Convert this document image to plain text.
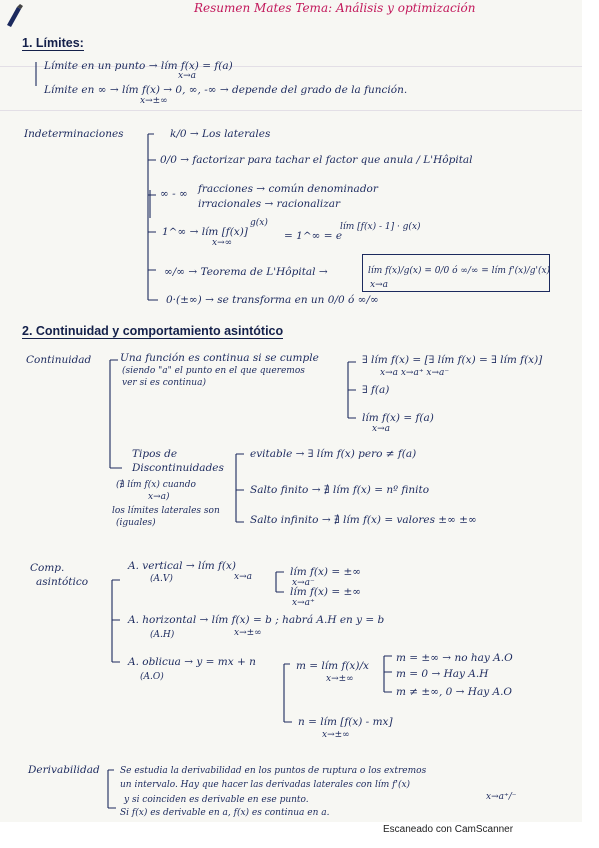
Resumen Mates Tema: Análisis y optimización
1. Límites:
Límite en un punto → lím f(x) = f(a)
x→a
Límite en ∞ → lím f(x) → 0, ∞, -∞ → depende del grado de la función.
x→±∞
Indeterminaciones	k/0 → Los laterales
0/0 → factorizar para tachar el factor que anula / L'Hôpital
∞ - ∞ fracciones → común denominador
irracionales → racionalizar
1^∞ → lím [f(x)]
g(x)
x→∞
= 1^∞ = e
lím [f(x) - 1] · g(x)
∞/∞ → Teorema de L'Hôpital →	lím f(x)/g(x) = 0/0 ó ∞/∞ = lím f'(x)/g'(x)
x→a
0·(±∞) → se transforma en un 0/0 ó ∞/∞
2. Continuidad y comportamiento asintótico
Continuidad	Una función es continua si se cumple
(siendo "a" el punto en el que queremos
ver si es continua)
∃ lím f(x) = [∃ lím f(x) = ∃ lím f(x)]
x→a x→a⁺ x→a⁻
∃ f(a)
lím f(x) = f(a)
x→a
Tipos de
Discontinuidades
(∄ lím f(x) cuando
x→a)
los límites laterales son
(iguales)
evitable → ∃ lím f(x) pero ≠ f(a)
Salto finito → ∄ lím f(x) = nº finito
Salto infinito → ∄ lím f(x) = valores ±∞ ±∞
Comp.
asintótico
A. vertical → lím f(x)
(A.V)	x→a	lím f(x) = ±∞
x→a⁻
lím f(x) = ±∞
x→a⁺
A. horizontal → lím f(x) = b ; habrá A.H en y = b
(A.H)	x→±∞
A. oblicua → y = mx + n
(A.O)
m = lím f(x)/x
x→±∞
m = ±∞ → no hay A.O
m = 0 → Hay A.H
m ≠ ±∞, 0 → Hay A.O
n = lím [f(x) - mx]
x→±∞
Derivabilidad Se estudia la derivabilidad en los puntos de ruptura o los extremos
un intervalo. Hay que hacer las derivadas laterales con lím f'(x)
x→a⁺/⁻
y si coinciden es derivable en ese punto.
Si f(x) es derivable en a, f(x) es continua en a.
Escaneado con CamScanner
